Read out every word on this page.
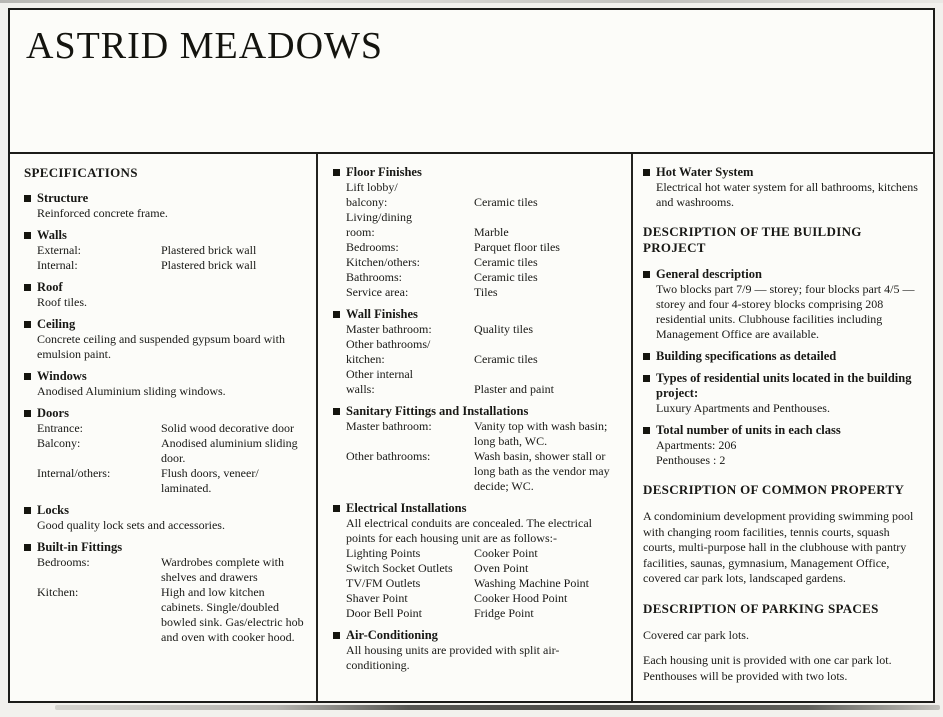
ASTRID MEADOWS
SPECIFICATIONS
Structure
Reinforced concrete frame.
Walls
External:	Plastered brick wall
Internal:	Plastered brick wall
Roof
Roof tiles.
Ceiling
Concrete ceiling and suspended gypsum board with emulsion paint.
Windows
Anodised Aluminium sliding windows.
Doors
Entrance:	Solid wood decorative door
Balcony:	Anodised aluminium sliding door.
Internal/others:	Flush doors, veneer/ laminated.
Locks
Good quality lock sets and accessories.
Built-in Fittings
Bedrooms:	Wardrobes complete with shelves and drawers
Kitchen:	High and low kitchen cabinets. Single/doubled bowled sink. Gas/electric hob and oven with cooker hood.
Floor Finishes
Lift lobby/
balcony:	Ceramic tiles
Living/dining
room:	Marble
Bedrooms:	Parquet floor tiles
Kitchen/others:	Ceramic tiles
Bathrooms:	Ceramic tiles
Service area:	Tiles
Wall Finishes
Master bathroom:	Quality tiles
Other bathrooms/
kitchen:	Ceramic tiles
Other internal
walls:	Plaster and paint
Sanitary Fittings and Installations
Master bathroom:	Vanity top with wash basin; long bath, WC.
Other bathrooms:	Wash basin, shower stall or long bath as the vendor may decide; WC.
Electrical Installations
All electrical conduits are concealed. The electrical points for each housing unit are as follows:-
Lighting Points	Cooker Point
Switch Socket Outlets	Oven Point
TV/FM Outlets	Washing Machine Point
Shaver Point	Cooker Hood Point
Door Bell Point	Fridge Point
Air-Conditioning
All housing units are provided with split air-conditioning.
Hot Water System
Electrical hot water system for all bathrooms, kitchens and washrooms.
DESCRIPTION OF THE BUILDING PROJECT
General description
Two blocks part 7/9 — storey; four blocks part 4/5 — storey and four 4-storey blocks comprising 208 residential units. Clubhouse facilities including Management Office are available.
Building specifications as detailed
Types of residential units located in the building project:
Luxury Apartments and Penthouses.
Total number of units in each class
Apartments: 206
Penthouses : 2
DESCRIPTION OF COMMON PROPERTY
A condominium development providing swimming pool with changing room facilities, tennis courts, squash courts, multi-purpose hall in the clubhouse with pantry facilities, saunas, gymnasium, Management Office, covered car park lots, landscaped gardens.
DESCRIPTION OF PARKING SPACES
Covered car park lots.
Each housing unit is provided with one car park lot. Penthouses will be provided with two lots.
